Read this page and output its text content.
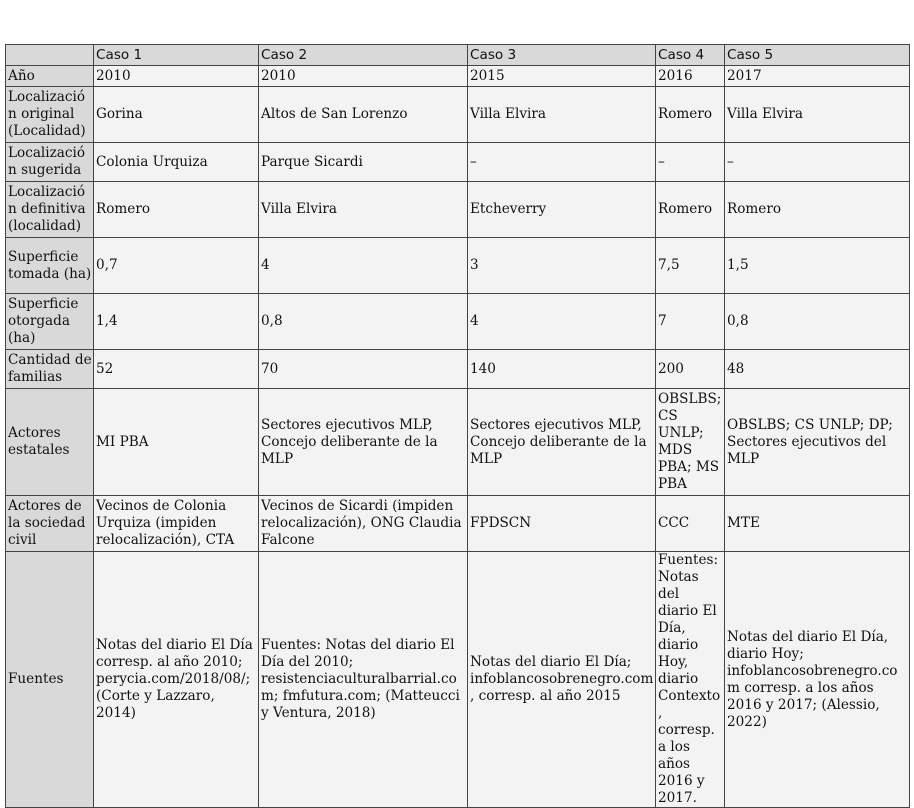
	Caso 1	Caso 2	Caso 3	Caso 4	Caso 5
Año	2010	2010	2015	2016	2017
Localización original (Localidad)	Gorina	Altos de San Lorenzo	Villa Elvira	Romero	Villa Elvira
Localización sugerida	Colonia Urquiza	Parque Sicardi	–	–	–
Localización definitiva (localidad)	Romero	Villa Elvira	Etcheverry	Romero	Romero
Superficie tomada (ha)	0,7	4	3	7,5	1,5
Superficie otorgada (ha)	1,4	0,8	4	7	0,8
Cantidad de familias	52	70	140	200	48
Actores estatales	MI PBA	Sectores ejecutivos MLP, Concejo deliberante de la MLP	Sectores ejecutivos MLP, Concejo deliberante de la MLP	OBSLBS; CS UNLP; MDS PBA; MS PBA	OBSLBS; CS UNLP; DP; Sectores ejecutivos del MLP
Actores de la sociedad civil	Vecinos de Colonia Urquiza (impiden relocalización), CTA	Vecinos de Sicardi (impiden relocalización), ONG Claudia Falcone	FPDSCN	CCC	MTE
Fuentes	Notas del diario El Día corresp. al año 2010; perycia.com/2018/08/; (Corte y Lazzaro, 2014)	Fuentes: Notas del diario El Día del 2010; resistenciaculturalbarrial.com; fmfutura.com; (Matteucci y Ventura, 2018)	Notas del diario El Día; infoblancosobrenegro.com, corresp. al año 2015	Fuentes: Notas del diario El Día, diario Hoy, diario Contexto, corresp. a los años 2016 y 2017.	Notas del diario El Día, diario Hoy; infoblancosobrenegro.com corresp. a los años 2016 y 2017; (Alessio, 2022)
